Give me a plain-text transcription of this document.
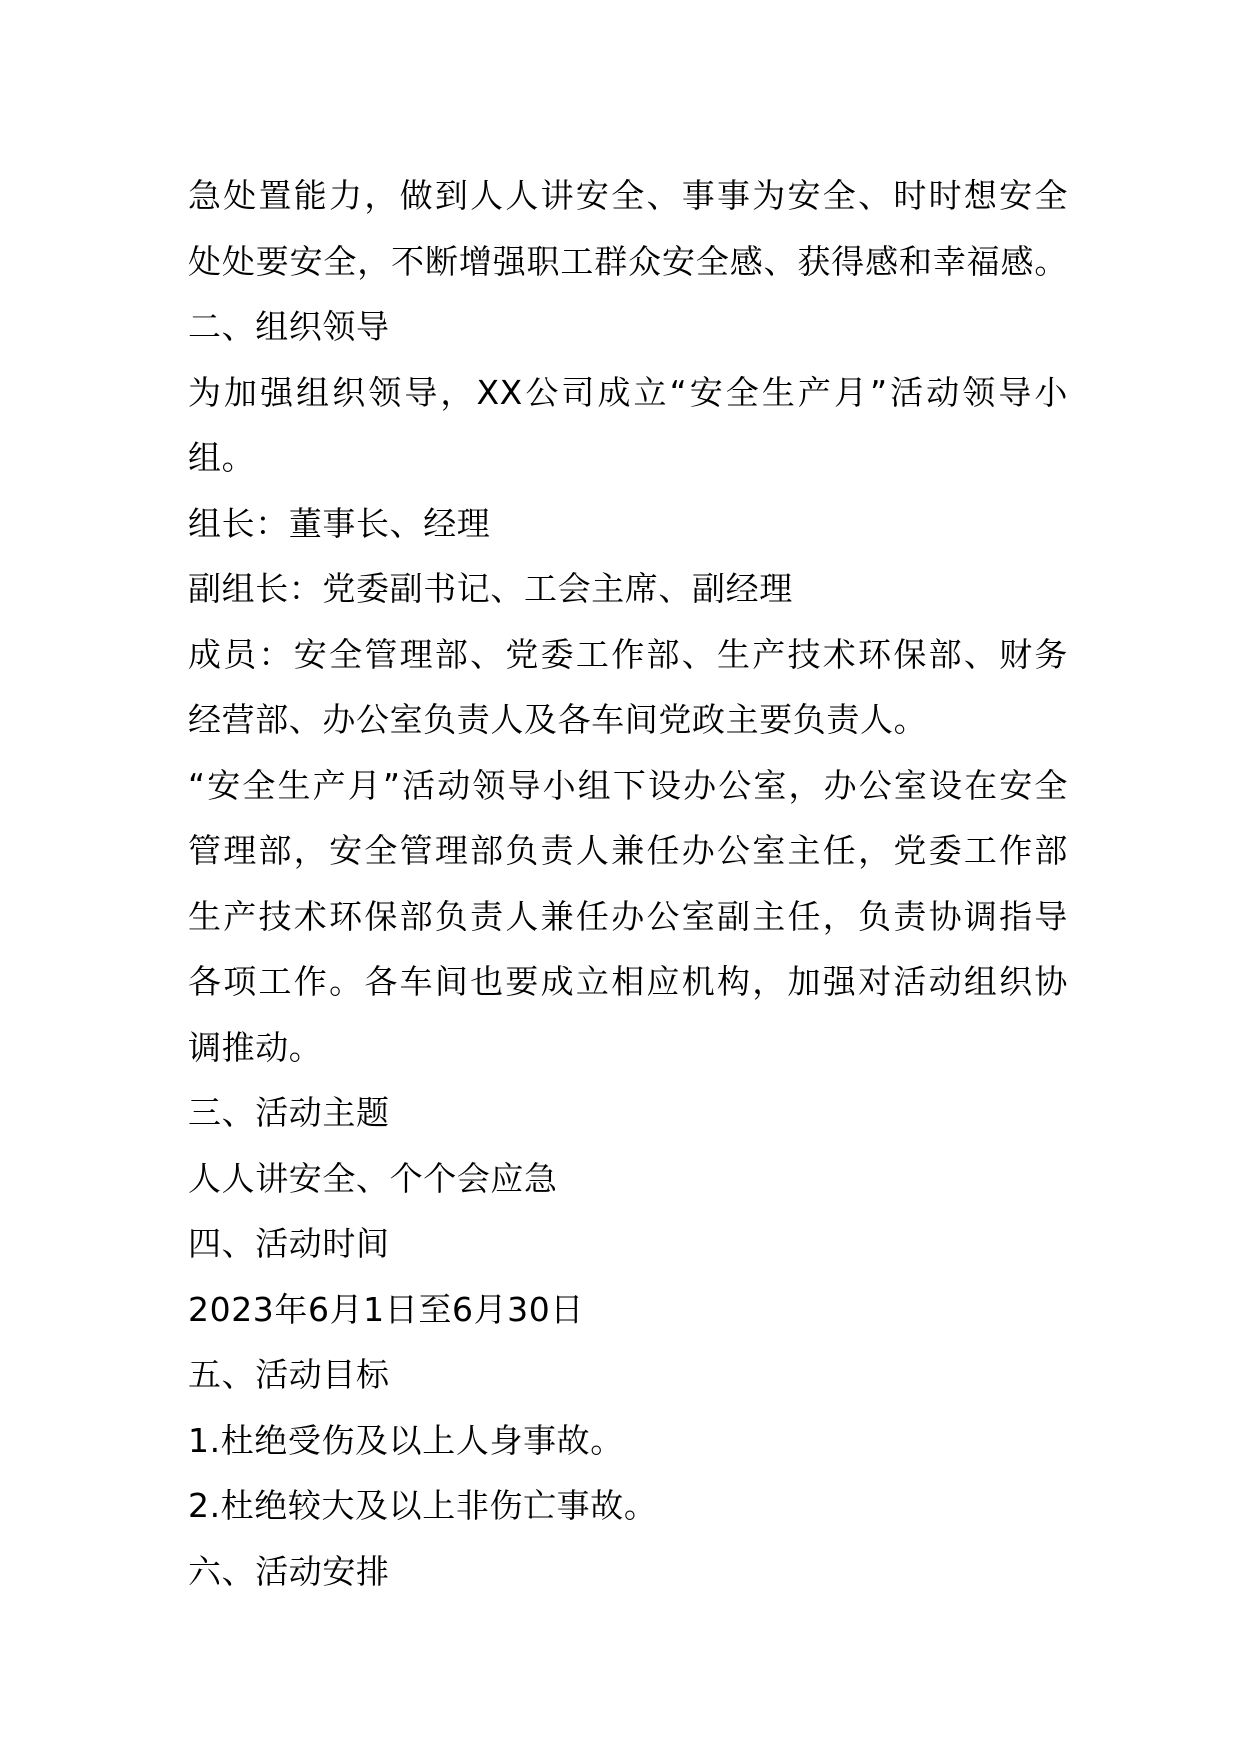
急处置能力，做到人人讲安全、事事为安全、时时想安全
处处要安全，不断增强职工群众安全感、获得感和幸福感。
二、组织领导
为加强组织领导，XX公司成立“安全生产月”活动领导小
组。
组长：董事长、经理
副组长：党委副书记、工会主席、副经理
成员：安全管理部、党委工作部、生产技术环保部、财务
经营部、办公室负责人及各车间党政主要负责人。
“安全生产月”活动领导小组下设办公室，办公室设在安全
管理部，安全管理部负责人兼任办公室主任，党委工作部
生产技术环保部负责人兼任办公室副主任，负责协调指导
各项工作。各车间也要成立相应机构，加强对活动组织协
调推动。
三、活动主题
人人讲安全、个个会应急
四、活动时间
2023年6月1日至6月30日
五、活动目标
1.杜绝受伤及以上人身事故。
2.杜绝较大及以上非伤亡事故。
六、活动安排
